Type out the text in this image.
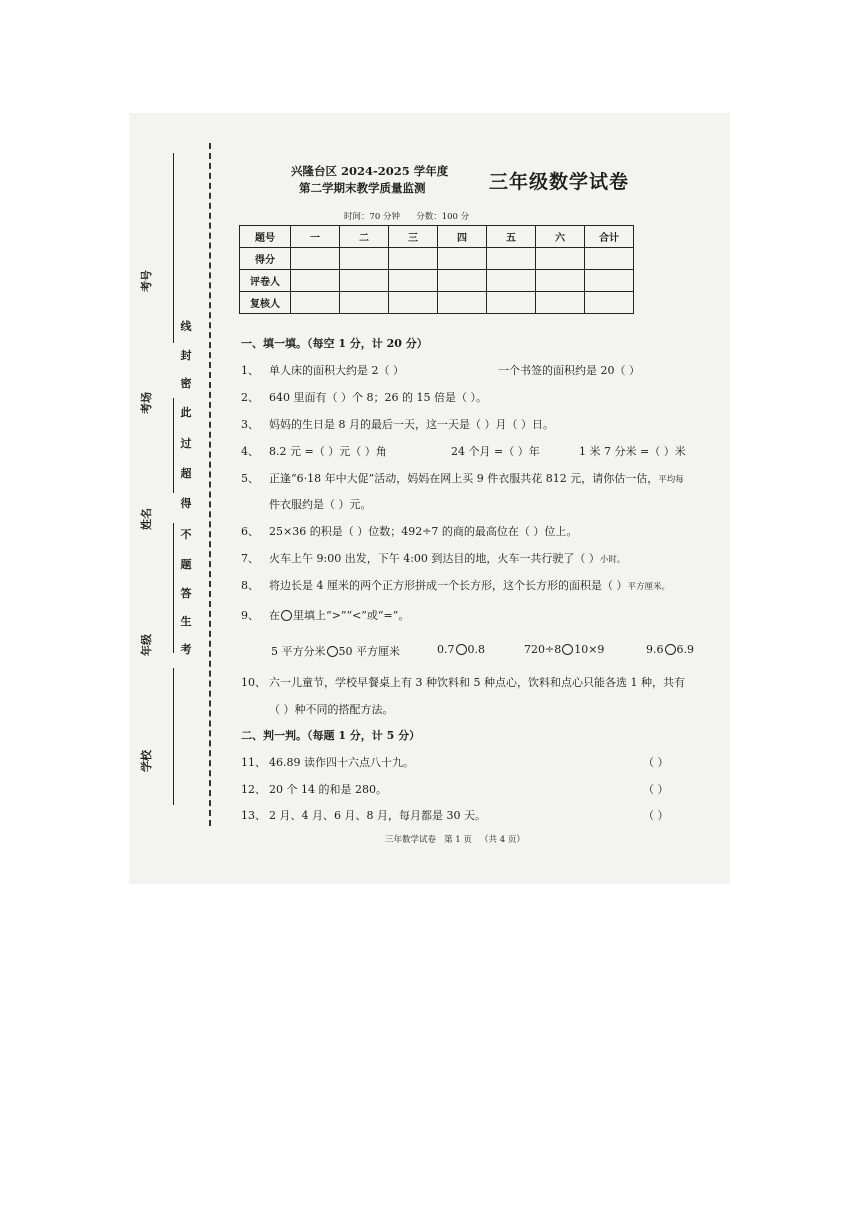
考号
考场
姓名
年级
学校
考
生
答
题
不
得
超
过
此
密
封
线
兴隆台区 2024-2025 学年度
第二学期末教学质量监测	三年级数学试卷
时间：70 分钟      分数：100 分
题号	一	二	三	四	五	六	合计
得分							
评卷人							
复核人							
一、填一填。（每空 1 分，计 20 分）
1、 单人床的面积大约是 2（ ）	一个书签的面积约是 20（ ）
2、 640 里面有（ ）个 8；26 的 15 倍是（ ）。
3、 妈妈的生日是 8 月的最后一天，这一天是（ ）月（ ）日。
4、 8.2 元 =（ ）元（ ）角	24 个月 =（ ）年	1 米 7 分米 =（ ）米
5、 正逢“6·18 年中大促”活动，妈妈在网上买 9 件衣服共花 812 元，请你估一估，平均每
件衣服约是（ ）元。
6、 25×36 的积是（ ）位数；492÷7 的商的最高位在（ ）位上。
7、 火车上午 9:00 出发，下午 4:00 到达目的地，火车一共行驶了（ ）小时。
8、 将边长是 4 厘米的两个正方形拼成一个长方形，这个长方形的面积是（ ）平方厘米。
9、 在 里填上“>”“<”或“=”。
5 平方分米 50 平方厘米	0.7 0.8	720÷8 10×9	9.6 6.9
10、 六一儿童节，学校早餐桌上有 3 种饮料和 5 种点心，饮料和点心只能各选 1 种，共有
（ ）种不同的搭配方法。
二、判一判。（每题 1 分，计 5 分）
11、 46.89 读作四十六点八十九。	（ ）
12、 20 个 14 的和是 280。	（ ）
13、 2 月、4 月、6 月、8 月，每月都是 30 天。	（ ）
三年数学试卷   第 1 页   （共 4 页）
